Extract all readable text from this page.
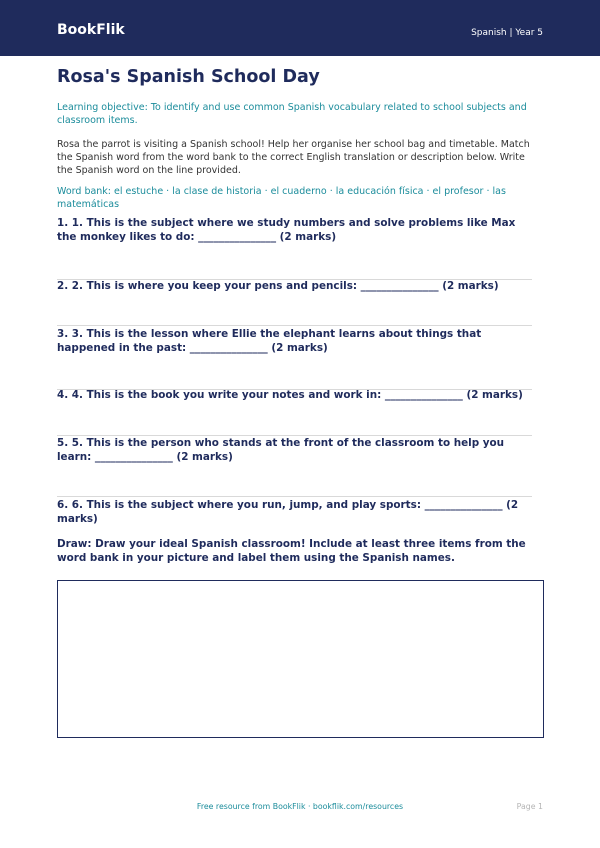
BookFlik	Spanish | Year 5
Rosa's Spanish School Day

Learning objective: To identify and use common Spanish vocabulary related to school subjects and classroom items.

Rosa the parrot is visiting a Spanish school! Help her organise her school bag and timetable. Match the Spanish word from the word bank to the correct English translation or description below. Write the Spanish word on the line provided.

Word bank: el estuche · la clase de historia · el cuaderno · la educación física · el profesor · las matemáticas

1. 1. This is the subject where we study numbers and solve problems like Max the monkey likes to do: _______________ (2 marks)

2. 2. This is where you keep your pens and pencils: _______________ (2 marks)

3. 3. This is the lesson where Ellie the elephant learns about things that happened in the past: _______________ (2 marks)

4. 4. This is the book you write your notes and work in: _______________ (2 marks)

5. 5. This is the person who stands at the front of the classroom to help you learn: _______________ (2 marks)

6. 6. This is the subject where you run, jump, and play sports: _______________ (2 marks)

Draw: Draw your ideal Spanish classroom! Include at least three items from the word bank in your picture and label them using the Spanish names.

Free resource from BookFlik · bookflik.com/resources	Page 1
